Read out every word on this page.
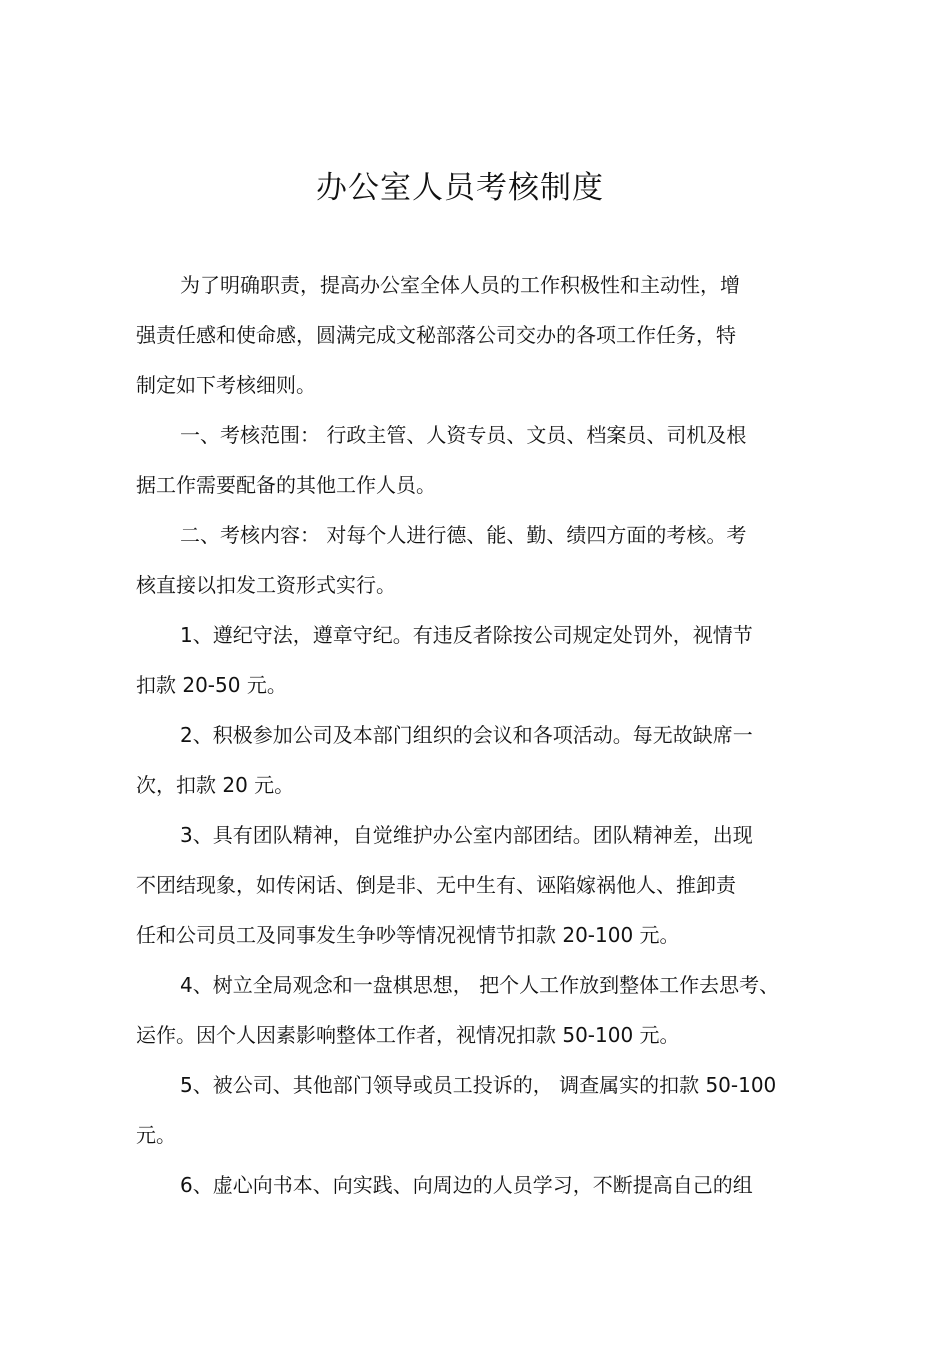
办公室人员考核制度
为了明确职责，提高办公室全体人员的工作积极性和主动性，增
强责任感和使命感，圆满完成文秘部落公司交办的各项工作任务，特
制定如下考核细则。
一、考核范围： 行政主管、人资专员、文员、档案员、司机及根
据工作需要配备的其他工作人员。
二、考核内容： 对每个人进行德、能、勤、绩四方面的考核。考
核直接以扣发工资形式实行。
1、遵纪守法，遵章守纪。有违反者除按公司规定处罚外，视情节
扣款 20-50 元。
2、积极参加公司及本部门组织的会议和各项活动。每无故缺席一
次，扣款 20 元。
3、具有团队精神，自觉维护办公室内部团结。团队精神差，出现
不团结现象，如传闲话、倒是非、无中生有、诬陷嫁祸他人、推卸责
任和公司员工及同事发生争吵等情况视情节扣款 20-100 元。
4、树立全局观念和一盘棋思想， 把个人工作放到整体工作去思考、
运作。因个人因素影响整体工作者，视情况扣款 50-100 元。
5、被公司、其他部门领导或员工投诉的， 调查属实的扣款 50-100
元。
6、虚心向书本、向实践、向周边的人员学习，不断提高自己的组
